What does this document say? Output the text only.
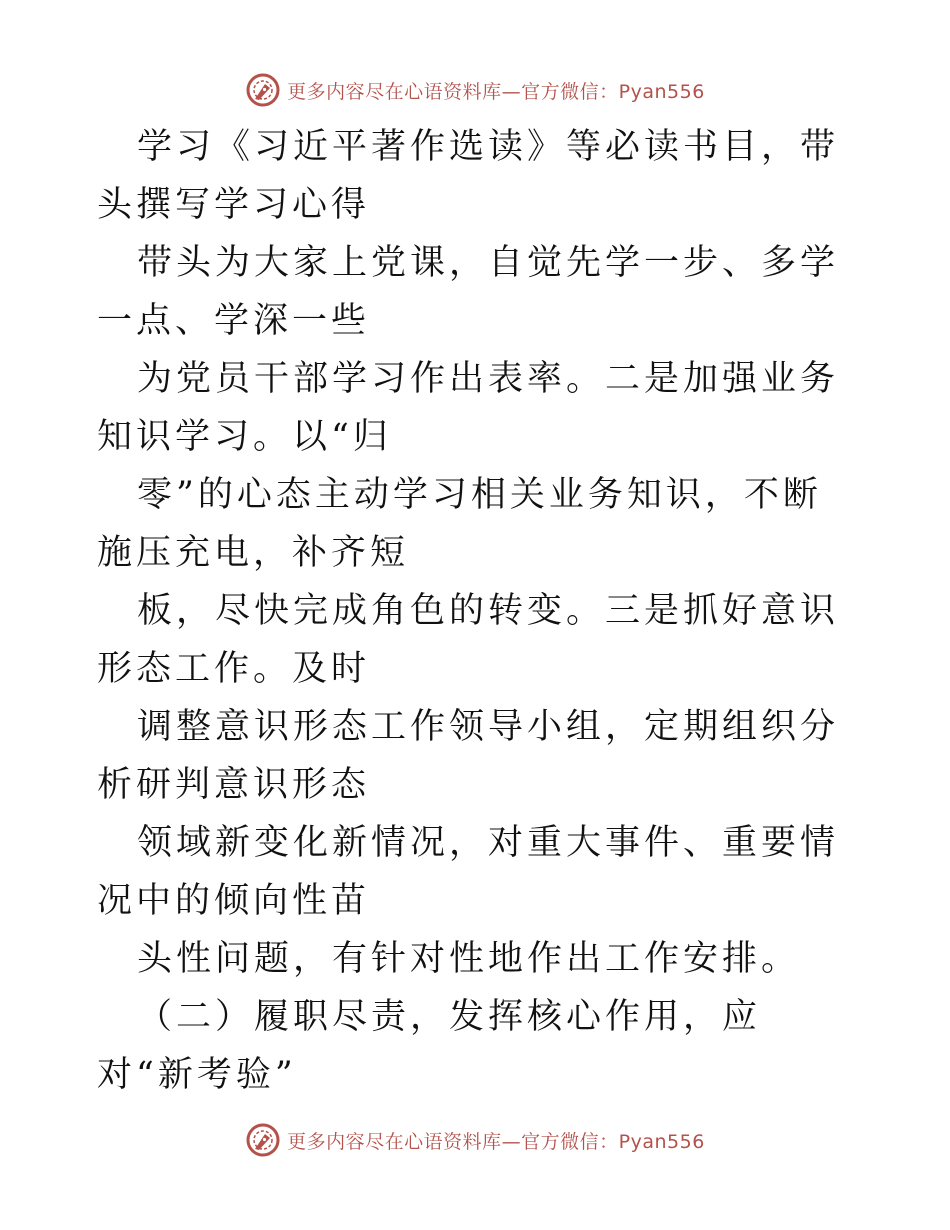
更多内容尽在心语资料库—官方微信：Pyan556

学习《习近平著作选读》等必读书目，带头撰写学习心得

带头为大家上党课，自觉先学一步、多学一点、学深一些

为党员干部学习作出表率。二是加强业务知识学习。以“归

零”的心态主动学习相关业务知识，不断施压充电，补齐短

板，尽快完成角色的转变。三是抓好意识形态工作。及时

调整意识形态工作领导小组，定期组织分析研判意识形态

领域新变化新情况，对重大事件、重要情况中的倾向性苗

头性问题，有针对性地作出工作安排。

（二）履职尽责，发挥核心作用，应对“新考验”

更多内容尽在心语资料库—官方微信：Pyan556
